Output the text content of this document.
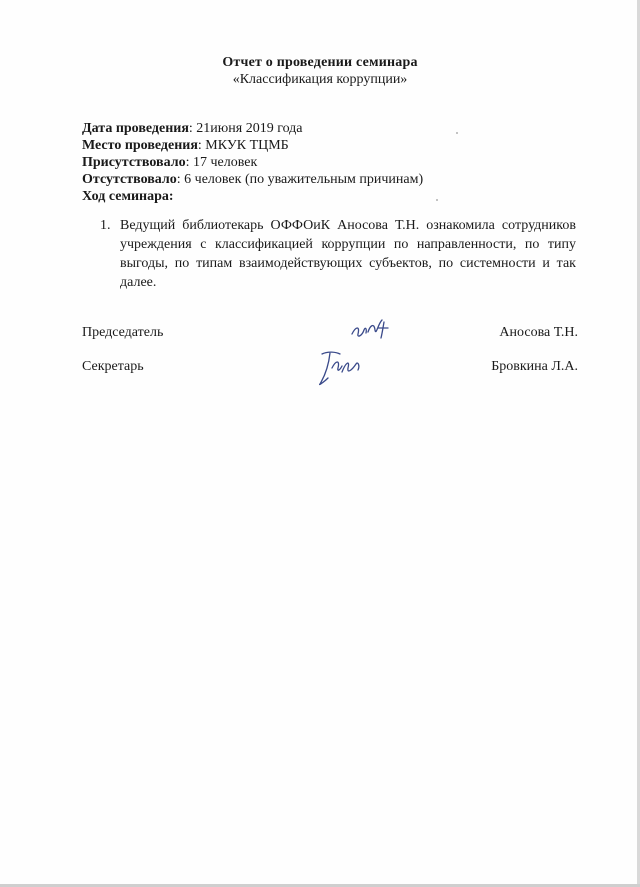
Отчет о проведении семинара
«Классификация коррупции»
Дата проведения: 21июня 2019 года
Место проведения: МКУК ТЦМБ
Присутствовало: 17 человек
Отсутствовало: 6 человек (по уважительным причинам)
Ход семинара:
1. Ведущий библиотекарь ОФФОиК Аносова Т.Н. ознакомила сотрудников учреждения с классификацией коррупции по направленности, по типу выгоды, по типам взаимодействующих субъектов, по системности и так далее.
Председатель	Аносова Т.Н.
Секретарь	Бровкина Л.А.
